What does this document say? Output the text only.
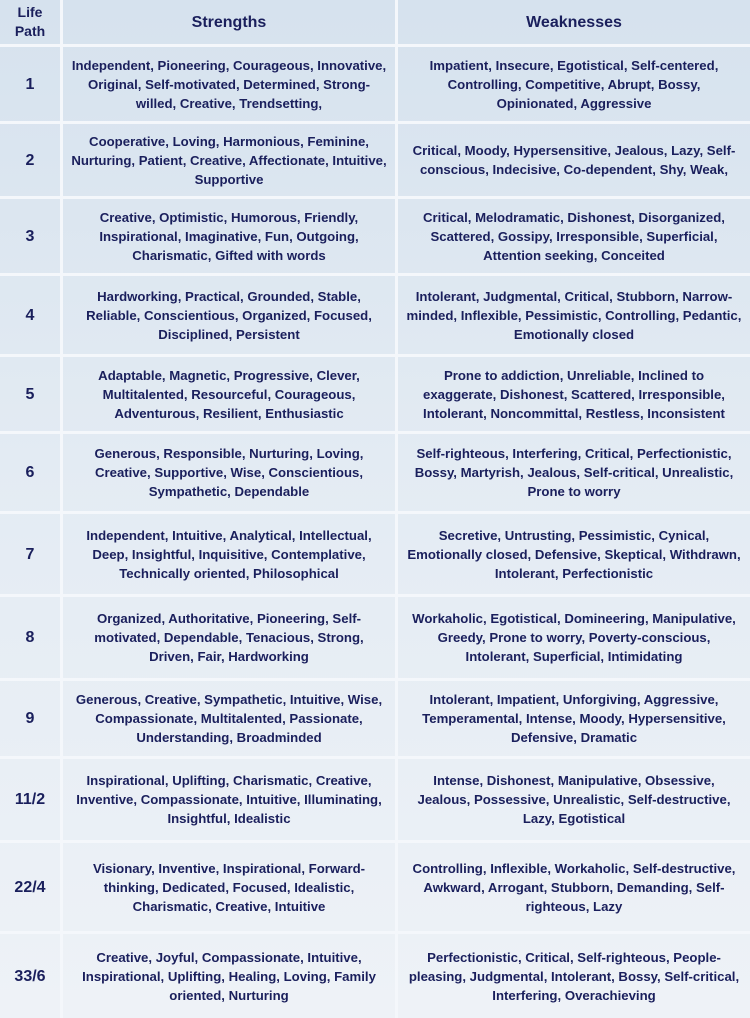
Life
Path
Strengths	Weaknesses
1
Independent, Pioneering, Courageous, Innovative, Original, Self-motivated, Determined, Strong-willed, Creative, Trendsetting,
Impatient, Insecure, Egotistical, Self-centered, Controlling, Competitive, Abrupt, Bossy, Opinionated, Aggressive
2
Cooperative, Loving, Harmonious, Feminine, Nurturing, Patient, Creative, Affectionate, Intuitive, Supportive
Critical, Moody, Hypersensitive, Jealous, Lazy, Self-conscious, Indecisive, Co-dependent, Shy, Weak,
3
Creative, Optimistic, Humorous, Friendly, Inspirational, Imaginative, Fun, Outgoing, Charismatic, Gifted with words
Critical, Melodramatic, Dishonest, Disorganized, Scattered, Gossipy, Irresponsible, Superficial, Attention seeking, Conceited
4
Hardworking, Practical, Grounded, Stable, Reliable, Conscientious, Organized, Focused, Disciplined, Persistent
Intolerant, Judgmental, Critical, Stubborn, Narrow-minded, Inflexible, Pessimistic, Controlling, Pedantic, Emotionally closed
5
Adaptable, Magnetic, Progressive, Clever, Multitalented, Resourceful, Courageous, Adventurous, Resilient, Enthusiastic
Prone to addiction, Unreliable, Inclined to exaggerate, Dishonest, Scattered, Irresponsible, Intolerant, Noncommittal, Restless, Inconsistent
6
Generous, Responsible, Nurturing, Loving, Creative, Supportive, Wise, Conscientious, Sympathetic, Dependable
Self-righteous, Interfering, Critical, Perfectionistic, Bossy, Martyrish, Jealous, Self-critical, Unrealistic, Prone to worry
7
Independent, Intuitive, Analytical, Intellectual, Deep, Insightful, Inquisitive, Contemplative, Technically oriented, Philosophical
Secretive, Untrusting, Pessimistic, Cynical, Emotionally closed, Defensive, Skeptical, Withdrawn, Intolerant, Perfectionistic
8
Organized, Authoritative, Pioneering, Self-motivated, Dependable, Tenacious, Strong, Driven, Fair, Hardworking
Workaholic, Egotistical, Domineering, Manipulative, Greedy, Prone to worry, Poverty-conscious, Intolerant, Superficial, Intimidating
9
Generous, Creative, Sympathetic, Intuitive, Wise, Compassionate, Multitalented, Passionate, Understanding, Broadminded
Intolerant, Impatient, Unforgiving, Aggressive, Temperamental, Intense, Moody, Hypersensitive, Defensive, Dramatic
11/2
Inspirational, Uplifting, Charismatic, Creative, Inventive, Compassionate, Intuitive, Illuminating, Insightful, Idealistic
Intense, Dishonest, Manipulative, Obsessive, Jealous, Possessive, Unrealistic, Self-destructive, Lazy, Egotistical
22/4
Visionary, Inventive, Inspirational, Forward-thinking, Dedicated, Focused, Idealistic, Charismatic, Creative, Intuitive
Controlling, Inflexible, Workaholic, Self-destructive, Awkward, Arrogant, Stubborn, Demanding, Self-righteous, Lazy
33/6
Creative, Joyful, Compassionate, Intuitive, Inspirational, Uplifting, Healing, Loving, Family oriented, Nurturing
Perfectionistic, Critical, Self-righteous, People-pleasing, Judgmental, Intolerant, Bossy, Self-critical, Interfering, Overachieving
